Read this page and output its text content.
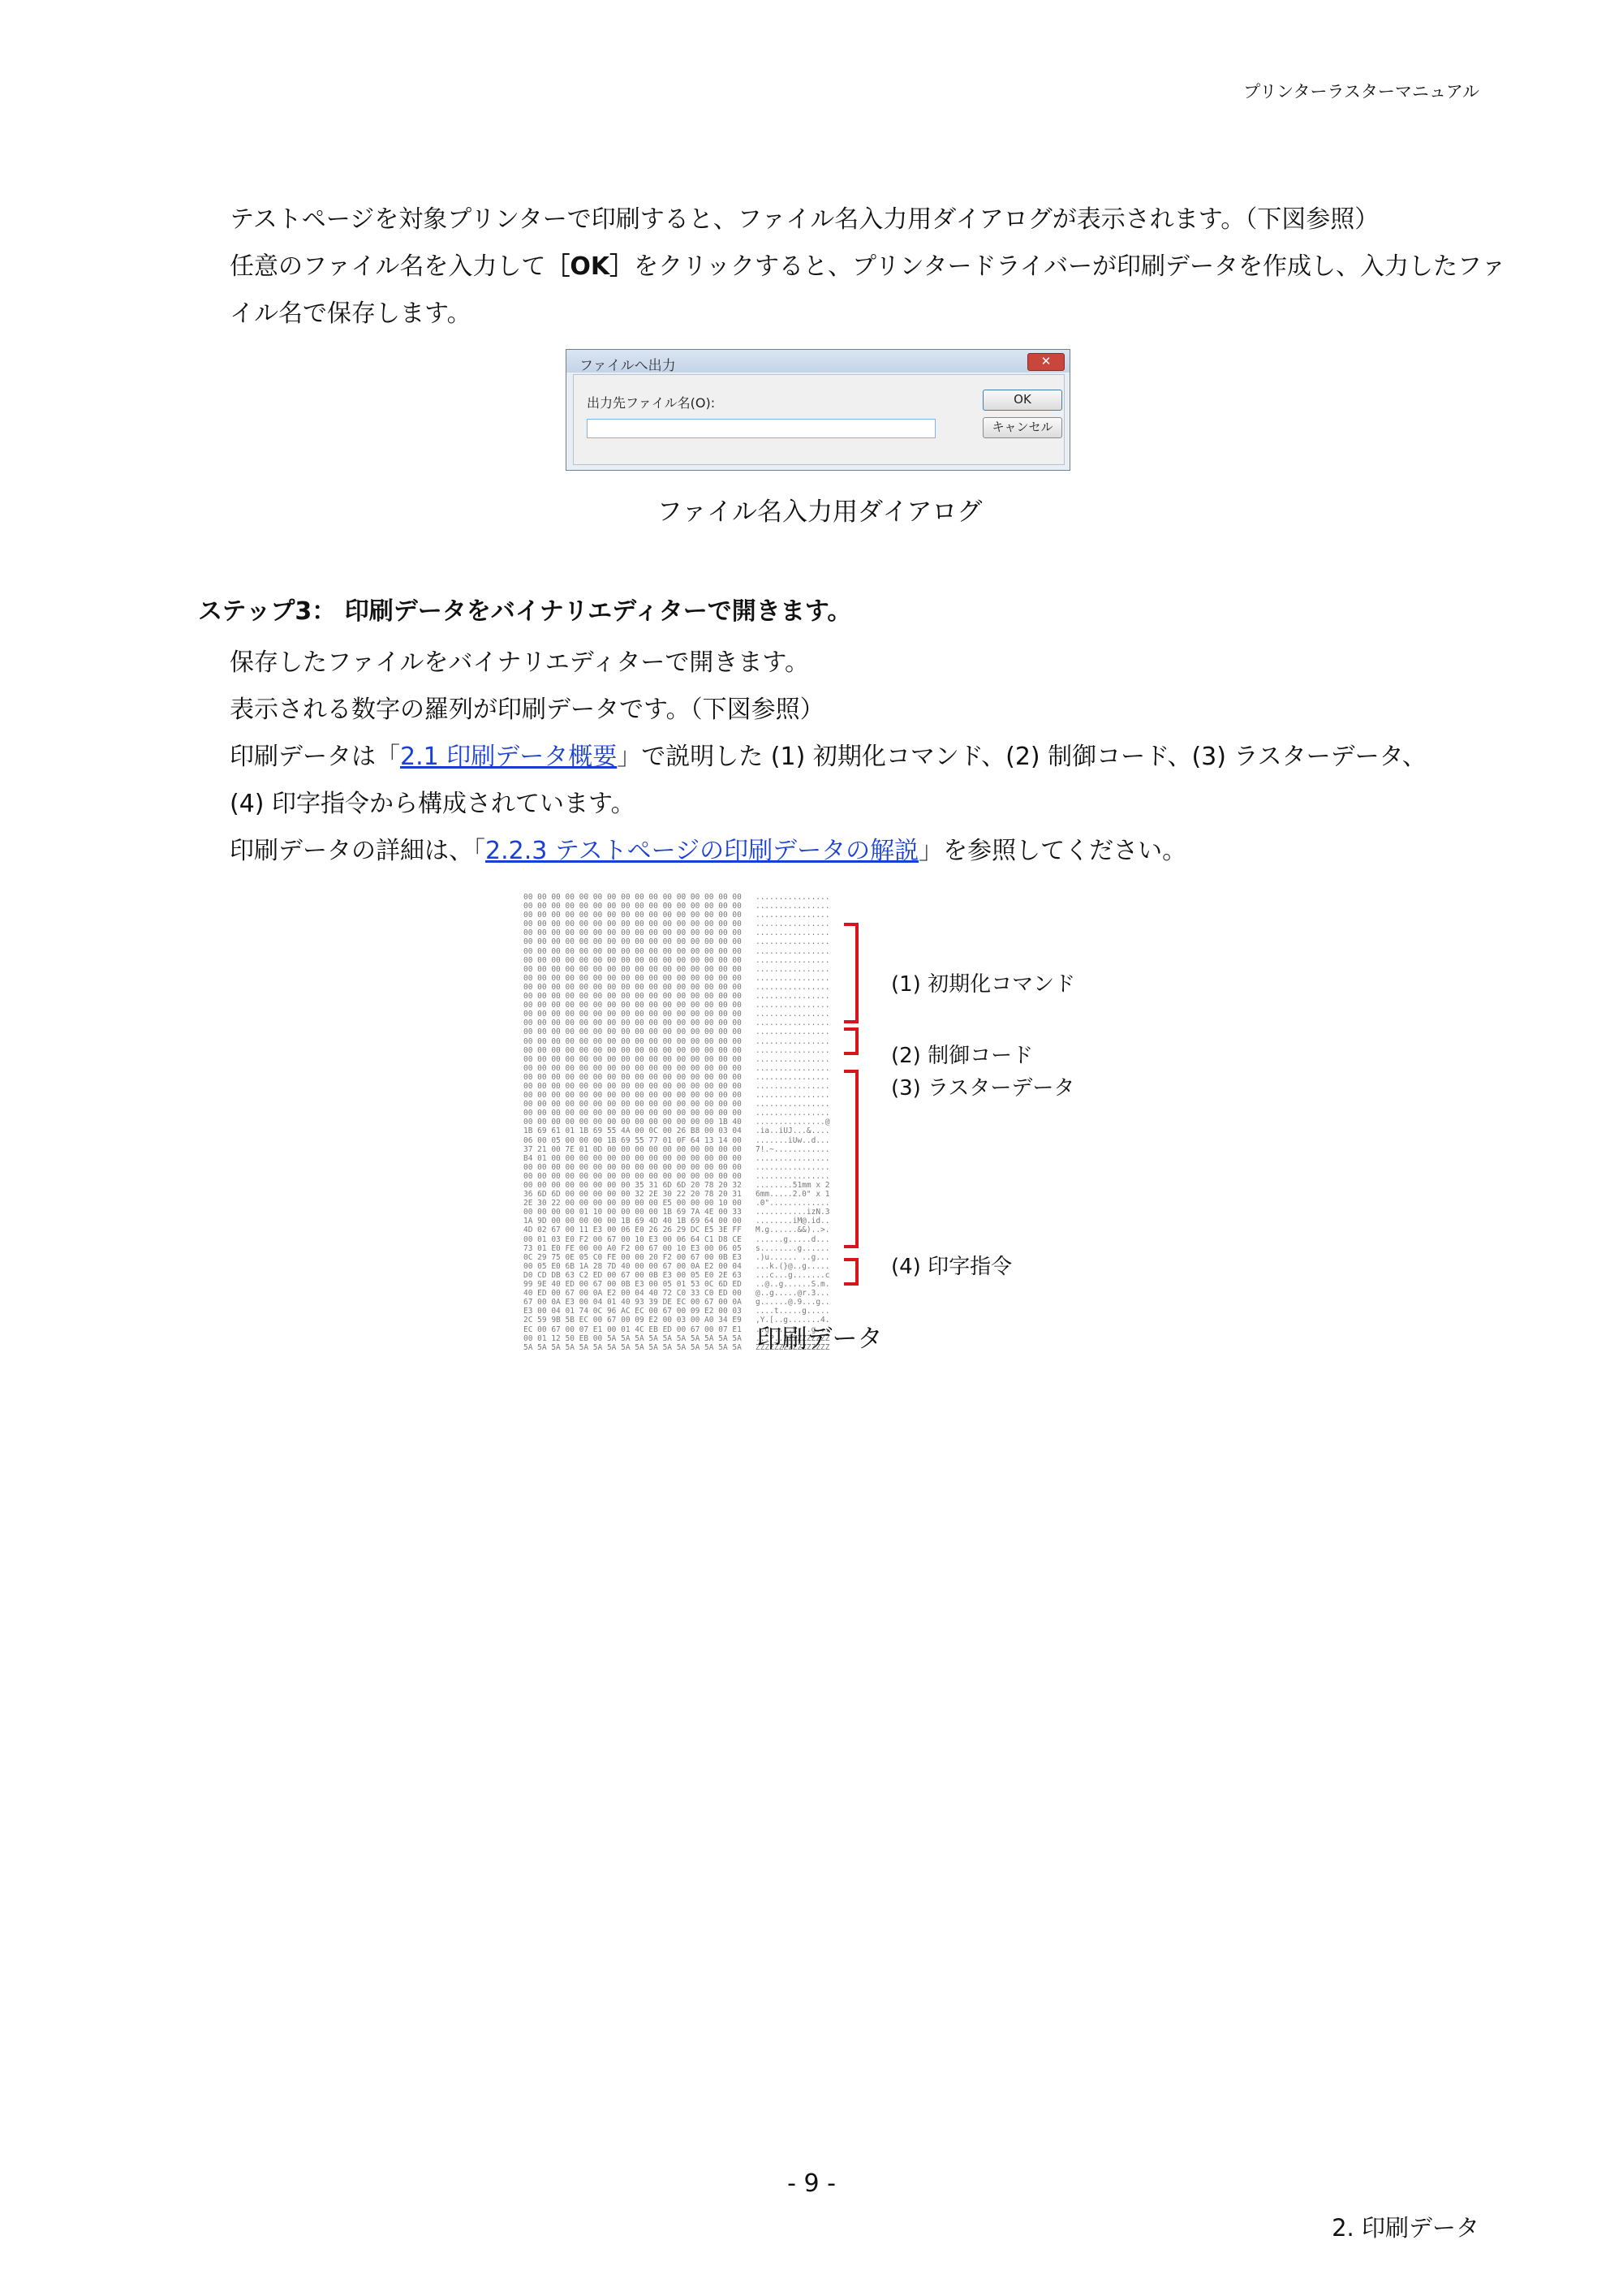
プリンターラスターマニュアル
テストページを対象プリンターで印刷すると、ファイル名入力用ダイアログが表示されます。（下図参照）
任意のファイル名を入力して［OK］をクリックすると、プリンタードライバーが印刷データを作成し、入力したファ
イル名で保存します。
ファイルへ出力	✕
出力先ファイル名(O):	OK
キャンセル
ファイル名入力用ダイアログ
ステップ3： 印刷データをバイナリエディターで開きます。
保存したファイルをバイナリエディターで開きます。
表示される数字の羅列が印刷データです。（下図参照）
印刷データは「2.1 印刷データ概要」で説明した (1) 初期化コマンド、(2) 制御コード、(3) ラスターデータ、
(4) 印字指令から構成されています。
印刷データの詳細は、「2.2.3 テストページの印刷データの解説」を参照してください。
00 00 00 00 00 00 00 00 00 00 00 00 00 00 00 00   ................
00 00 00 00 00 00 00 00 00 00 00 00 00 00 00 00   ................
00 00 00 00 00 00 00 00 00 00 00 00 00 00 00 00   ................
00 00 00 00 00 00 00 00 00 00 00 00 00 00 00 00   ................
00 00 00 00 00 00 00 00 00 00 00 00 00 00 00 00   ................
00 00 00 00 00 00 00 00 00 00 00 00 00 00 00 00   ................
00 00 00 00 00 00 00 00 00 00 00 00 00 00 00 00   ................
00 00 00 00 00 00 00 00 00 00 00 00 00 00 00 00   ................
00 00 00 00 00 00 00 00 00 00 00 00 00 00 00 00   ................
00 00 00 00 00 00 00 00 00 00 00 00 00 00 00 00   ................
00 00 00 00 00 00 00 00 00 00 00 00 00 00 00 00   ................
00 00 00 00 00 00 00 00 00 00 00 00 00 00 00 00   ................
00 00 00 00 00 00 00 00 00 00 00 00 00 00 00 00   ................
00 00 00 00 00 00 00 00 00 00 00 00 00 00 00 00   ................
00 00 00 00 00 00 00 00 00 00 00 00 00 00 00 00   ................
00 00 00 00 00 00 00 00 00 00 00 00 00 00 00 00   ................
00 00 00 00 00 00 00 00 00 00 00 00 00 00 00 00   ................
00 00 00 00 00 00 00 00 00 00 00 00 00 00 00 00   ................
00 00 00 00 00 00 00 00 00 00 00 00 00 00 00 00   ................
00 00 00 00 00 00 00 00 00 00 00 00 00 00 00 00   ................
00 00 00 00 00 00 00 00 00 00 00 00 00 00 00 00   ................
00 00 00 00 00 00 00 00 00 00 00 00 00 00 00 00   ................
00 00 00 00 00 00 00 00 00 00 00 00 00 00 00 00   ................
00 00 00 00 00 00 00 00 00 00 00 00 00 00 00 00   ................
00 00 00 00 00 00 00 00 00 00 00 00 00 00 00 00   ................
00 00 00 00 00 00 00 00 00 00 00 00 00 00 1B 40   ...............@
1B 69 61 01 1B 69 55 4A 00 0C 00 26 B8 00 03 04   .ia..iUJ...&....
06 00 05 00 00 00 1B 69 55 77 01 0F 64 13 14 00   .......iUw..d...
37 21 00 7E 01 0D 00 00 00 00 00 00 00 00 00 00   7!.~............
B4 01 00 00 00 00 00 00 00 00 00 00 00 00 00 00   ................
00 00 00 00 00 00 00 00 00 00 00 00 00 00 00 00   ................
00 00 00 00 00 00 00 00 00 00 00 00 00 00 00 00   ................
00 00 00 00 00 00 00 00 35 31 6D 6D 20 78 20 32   ........51mm x 2
36 6D 6D 00 00 00 00 00 32 2E 30 22 20 78 20 31   6mm.....2.0" x 1
2E 30 22 00 00 00 00 00 00 00 E5 00 00 00 10 00   .0".............
00 00 00 00 01 10 00 00 00 00 1B 69 7A 4E 00 33   ...........izN.3
1A 9D 00 00 00 00 00 1B 69 4D 40 1B 69 64 00 00   ........iM@.id..
4D 02 67 00 11 E3 00 06 E0 26 26 29 DC E5 3E FF   M.g......&&)..>.
00 01 03 E0 F2 00 67 00 10 E3 00 06 64 C1 D8 CE   ......g.....d...
73 01 E0 FE 00 00 A0 F2 00 67 00 10 E3 00 06 05   s........g......
0C 29 75 0E 05 C0 FE 00 00 20 F2 00 67 00 0B E3   .)u...... ..g...
00 05 E0 6B 1A 28 7D 40 00 00 67 00 0A E2 00 04   ...k.(}@..g.....
D0 CD DB 63 C2 ED 00 67 00 0B E3 00 05 E0 2E 63   ...c...g.......c
99 9E 40 ED 00 67 00 0B E3 00 05 01 53 0C 6D ED   ..@..g......S.m.
40 ED 00 67 00 0A E2 00 04 40 72 C0 33 C0 ED 00   @..g.....@r.3...
67 00 0A E3 00 04 01 40 93 39 DE EC 00 67 00 0A   g......@.9...g..
E3 00 04 01 74 0C 96 AC EC 00 67 00 09 E2 00 03   ....t.....g.....
2C 59 9B 5B EC 00 67 00 09 E2 00 03 00 A0 34 E9   ,Y.[..g.......4.
EC 00 67 00 07 E1 00 01 4C EB ED 00 67 00 07 E1   ..g.....L...g...
00 01 12 50 EB 00 5A 5A 5A 5A 5A 5A 5A 5A 5A 5A   ...P..ZZZZZZZZZZ
5A 5A 5A 5A 5A 5A 5A 5A 5A 5A 5A 5A 5A 5A 5A 5A   ZZZZZZZZZZZZZZZZ
(1) 初期化コマンド
(2) 制御コード
(3) ラスターデータ
(4) 印字指令
印刷データ
- 9 -
2. 印刷データ
